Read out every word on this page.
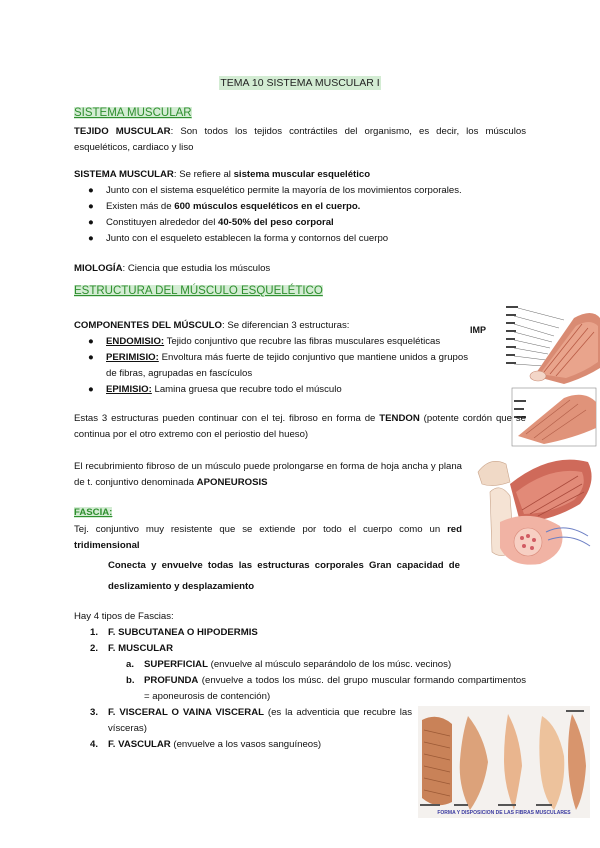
TEMA 10 SISTEMA MUSCULAR I
SISTEMA MUSCULAR
TEJIDO MUSCULAR: Son todos los tejidos contráctiles del organismo, es decir, los músculos esqueléticos, cardiaco y liso
SISTEMA MUSCULAR: Se refiere al sistema muscular esquelético
● Junto con el sistema esquelético permite la mayoría de los movimientos corporales.
● Existen más de 600 músculos esqueléticos en el cuerpo.
● Constituyen alrededor del 40-50% del peso corporal
● Junto con el esqueleto establecen la forma y contornos del cuerpo
MIOLOGÍA: Ciencia que estudia los músculos
ESTRUCTURA DEL MÚSCULO ESQUELÉTICO
COMPONENTES DEL MÚSCULO: Se diferencian 3 estructuras:
● ENDOMISIO: Tejido conjuntivo que recubre las fibras musculares esqueléticas
● PERIMISIO: Envoltura más fuerte de tejido conjuntivo que mantiene unidos a grupos de fibras, agrupadas en fascículos
● EPIMISIO: Lamina gruesa que recubre todo el músculo
IMP
Estas 3 estructuras pueden continuar con el tej. fibroso en forma de TENDON (potente cordón que se continua por el otro extremo con el periostio del hueso)
El recubrimiento fibroso de un músculo puede prolongarse en forma de hoja ancha y plana de t. conjuntivo denominada APONEUROSIS
FASCIA:
Tej. conjuntivo muy resistente que se extiende por todo el cuerpo como un red tridimensional
Conecta y envuelve todas las estructuras corporales Gran capacidad de deslizamiento y desplazamiento
Hay 4 tipos de Fascias:
1. F. SUBCUTANEA O HIPODERMIS
2. F. MUSCULAR
a. SUPERFICIAL (envuelve al músculo separándolo de los músc. vecinos)
b. PROFUNDA (envuelve a todos los músc. del grupo muscular formando compartimentos = aponeurosis de contención)
3. F. VISCERAL O VAINA VISCERAL (es la adventicia que recubre las vísceras)
4. F. VASCULAR (envuelve a los vasos sanguíneos)
FORMA Y DISPOSICIÓN DE LAS FIBRAS MUSCULARES
